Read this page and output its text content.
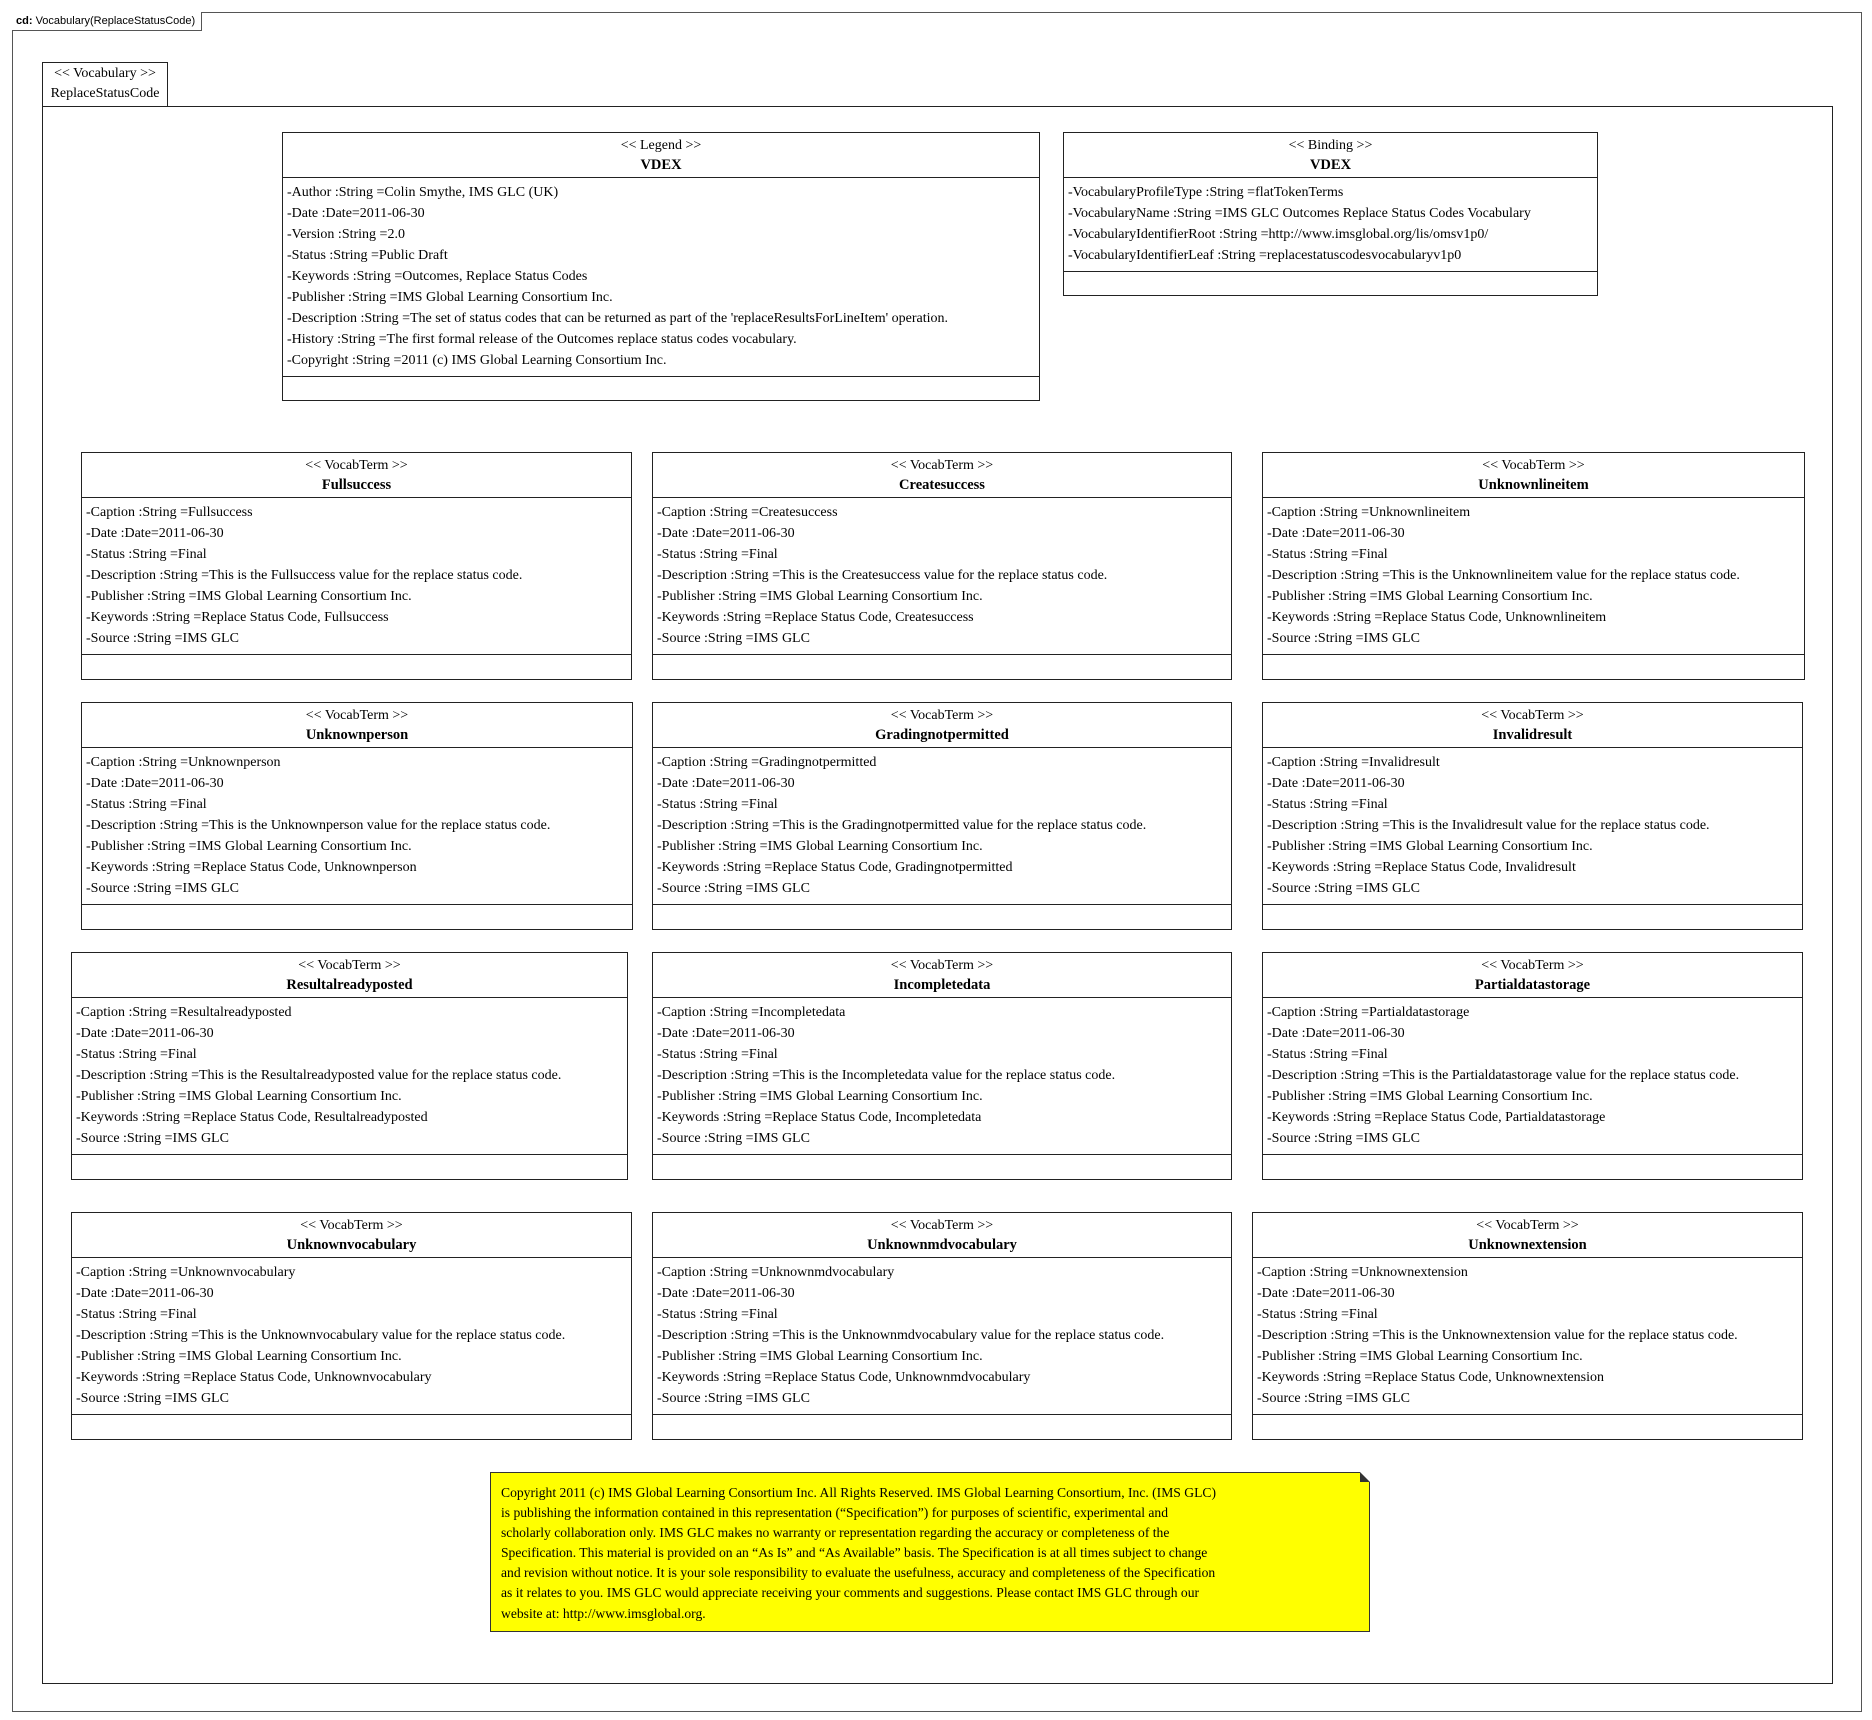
cd: Vocabulary(ReplaceStatusCode)
<< Vocabulary >>
ReplaceStatusCode
<< Legend >>
VDEX
-Author :String =Colin Smythe, IMS GLC (UK)
-Date :Date=2011-06-30
-Version :String =2.0
-Status :String =Public Draft
-Keywords :String =Outcomes, Replace Status Codes
-Publisher :String =IMS Global Learning Consortium Inc.
-Description :String =The set of status codes that can be returned as part of the 'replaceResultsForLineItem' operation.
-History :String =The first formal release of the Outcomes replace status codes vocabulary.
-Copyright :String =2011 (c) IMS Global Learning Consortium Inc.
<< Binding >>
VDEX
-VocabularyProfileType :String =flatTokenTerms
-VocabularyName :String =IMS GLC Outcomes Replace Status Codes Vocabulary
-VocabularyIdentifierRoot :String =http://www.imsglobal.org/lis/omsv1p0/
-VocabularyIdentifierLeaf :String =replacestatuscodesvocabularyv1p0
<< VocabTerm >>
Fullsuccess
-Caption :String =Fullsuccess
-Date :Date=2011-06-30
-Status :String =Final
-Description :String =This is the Fullsuccess value for the replace status code.
-Publisher :String =IMS Global Learning Consortium Inc.
-Keywords :String =Replace Status Code, Fullsuccess
-Source :String =IMS GLC
<< VocabTerm >>
Createsuccess
-Caption :String =Createsuccess
-Date :Date=2011-06-30
-Status :String =Final
-Description :String =This is the Createsuccess value for the replace status code.
-Publisher :String =IMS Global Learning Consortium Inc.
-Keywords :String =Replace Status Code, Createsuccess
-Source :String =IMS GLC
<< VocabTerm >>
Unknownlineitem
-Caption :String =Unknownlineitem
-Date :Date=2011-06-30
-Status :String =Final
-Description :String =This is the Unknownlineitem value for the replace status code.
-Publisher :String =IMS Global Learning Consortium Inc.
-Keywords :String =Replace Status Code, Unknownlineitem
-Source :String =IMS GLC
<< VocabTerm >>
Unknownperson
-Caption :String =Unknownperson
-Date :Date=2011-06-30
-Status :String =Final
-Description :String =This is the Unknownperson value for the replace status code.
-Publisher :String =IMS Global Learning Consortium Inc.
-Keywords :String =Replace Status Code, Unknownperson
-Source :String =IMS GLC
<< VocabTerm >>
Gradingnotpermitted
-Caption :String =Gradingnotpermitted
-Date :Date=2011-06-30
-Status :String =Final
-Description :String =This is the Gradingnotpermitted value for the replace status code.
-Publisher :String =IMS Global Learning Consortium Inc.
-Keywords :String =Replace Status Code, Gradingnotpermitted
-Source :String =IMS GLC
<< VocabTerm >>
Invalidresult
-Caption :String =Invalidresult
-Date :Date=2011-06-30
-Status :String =Final
-Description :String =This is the Invalidresult value for the replace status code.
-Publisher :String =IMS Global Learning Consortium Inc.
-Keywords :String =Replace Status Code, Invalidresult
-Source :String =IMS GLC
<< VocabTerm >>
Resultalreadyposted
-Caption :String =Resultalreadyposted
-Date :Date=2011-06-30
-Status :String =Final
-Description :String =This is the Resultalreadyposted value for the replace status code.
-Publisher :String =IMS Global Learning Consortium Inc.
-Keywords :String =Replace Status Code, Resultalreadyposted
-Source :String =IMS GLC
<< VocabTerm >>
Incompletedata
-Caption :String =Incompletedata
-Date :Date=2011-06-30
-Status :String =Final
-Description :String =This is the Incompletedata value for the replace status code.
-Publisher :String =IMS Global Learning Consortium Inc.
-Keywords :String =Replace Status Code, Incompletedata
-Source :String =IMS GLC
<< VocabTerm >>
Partialdatastorage
-Caption :String =Partialdatastorage
-Date :Date=2011-06-30
-Status :String =Final
-Description :String =This is the Partialdatastorage value for the replace status code.
-Publisher :String =IMS Global Learning Consortium Inc.
-Keywords :String =Replace Status Code, Partialdatastorage
-Source :String =IMS GLC
<< VocabTerm >>
Unknownvocabulary
-Caption :String =Unknownvocabulary
-Date :Date=2011-06-30
-Status :String =Final
-Description :String =This is the Unknownvocabulary value for the replace status code.
-Publisher :String =IMS Global Learning Consortium Inc.
-Keywords :String =Replace Status Code, Unknownvocabulary
-Source :String =IMS GLC
<< VocabTerm >>
Unknownmdvocabulary
-Caption :String =Unknownmdvocabulary
-Date :Date=2011-06-30
-Status :String =Final
-Description :String =This is the Unknownmdvocabulary value for the replace status code.
-Publisher :String =IMS Global Learning Consortium Inc.
-Keywords :String =Replace Status Code, Unknownmdvocabulary
-Source :String =IMS GLC
<< VocabTerm >>
Unknownextension
-Caption :String =Unknownextension
-Date :Date=2011-06-30
-Status :String =Final
-Description :String =This is the Unknownextension value for the replace status code.
-Publisher :String =IMS Global Learning Consortium Inc.
-Keywords :String =Replace Status Code, Unknownextension
-Source :String =IMS GLC
Copyright 2011 (c) IMS Global Learning Consortium Inc. All Rights Reserved. IMS Global Learning Consortium, Inc. (IMS GLC)
is publishing the information contained in this representation (“Specification”) for purposes of scientific, experimental and
scholarly collaboration only. IMS GLC makes no warranty or representation regarding the accuracy or completeness of the
Specification. This material is provided on an “As Is” and “As Available” basis. The Specification is at all times subject to change
and revision without notice. It is your sole responsibility to evaluate the usefulness, accuracy and completeness of the Specification
as it relates to you. IMS GLC would appreciate receiving your comments and suggestions. Please contact IMS GLC through our
website at: http://www.imsglobal.org.
